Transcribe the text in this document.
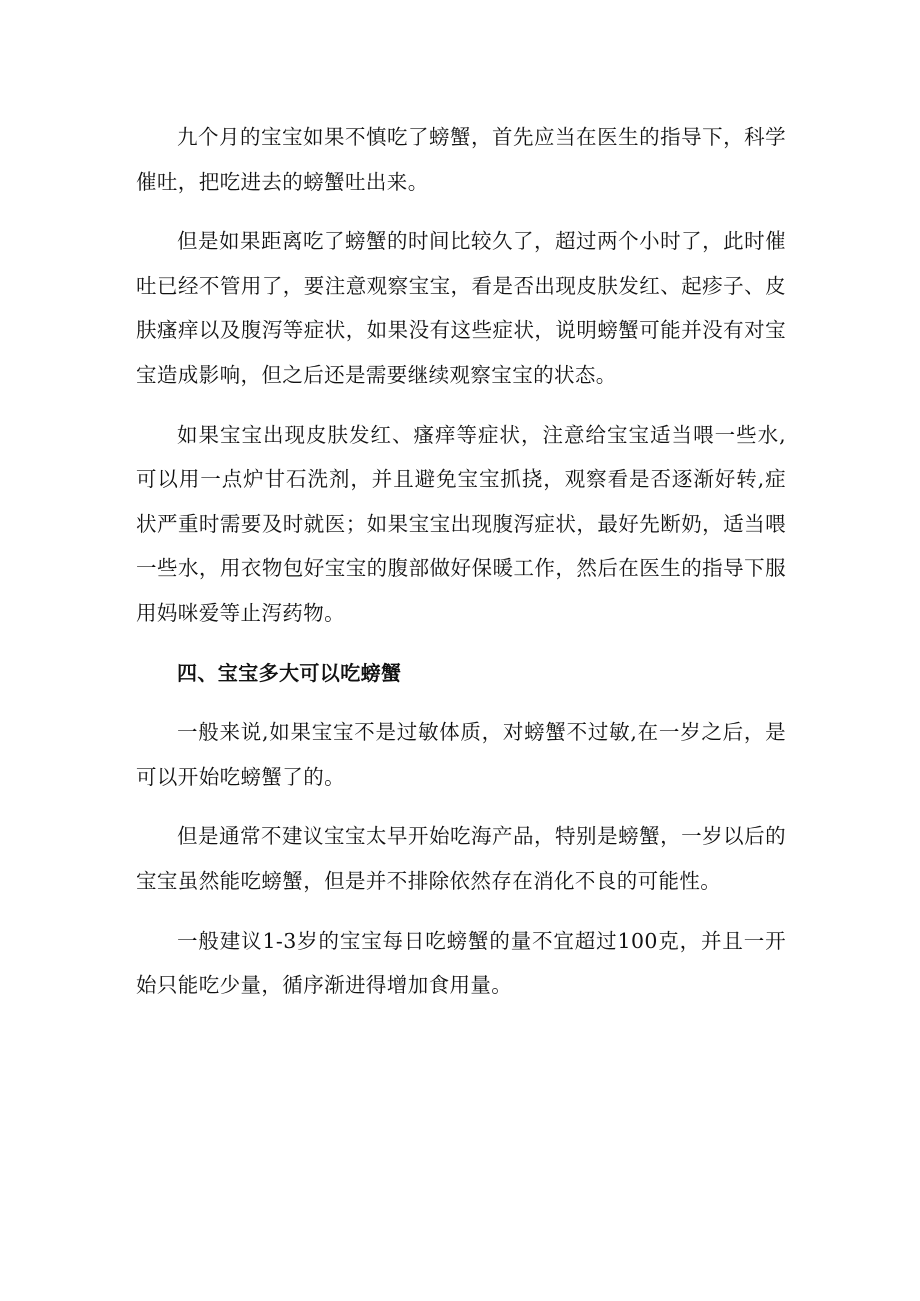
九个月的宝宝如果不慎吃了螃蟹，首先应当在医生的指导下，科学催吐，把吃进去的螃蟹吐出来。

但是如果距离吃了螃蟹的时间比较久了，超过两个小时了，此时催吐已经不管用了，要注意观察宝宝，看是否出现皮肤发红、起疹子、皮肤瘙痒以及腹泻等症状，如果没有这些症状，说明螃蟹可能并没有对宝宝造成影响，但之后还是需要继续观察宝宝的状态。

如果宝宝出现皮肤发红、瘙痒等症状，注意给宝宝适当喂一些水,可以用一点炉甘石洗剂，并且避免宝宝抓挠，观察看是否逐渐好转,症状严重时需要及时就医；如果宝宝出现腹泻症状，最好先断奶，适当喂一些水，用衣物包好宝宝的腹部做好保暖工作，然后在医生的指导下服用妈咪爱等止泻药物。

四、宝宝多大可以吃螃蟹

一般来说,如果宝宝不是过敏体质，对螃蟹不过敏,在一岁之后，是可以开始吃螃蟹了的。

但是通常不建议宝宝太早开始吃海产品，特别是螃蟹，一岁以后的宝宝虽然能吃螃蟹，但是并不排除依然存在消化不良的可能性。

一般建议1-3岁的宝宝每日吃螃蟹的量不宜超过100克，并且一开始只能吃少量，循序渐进得增加食用量。
